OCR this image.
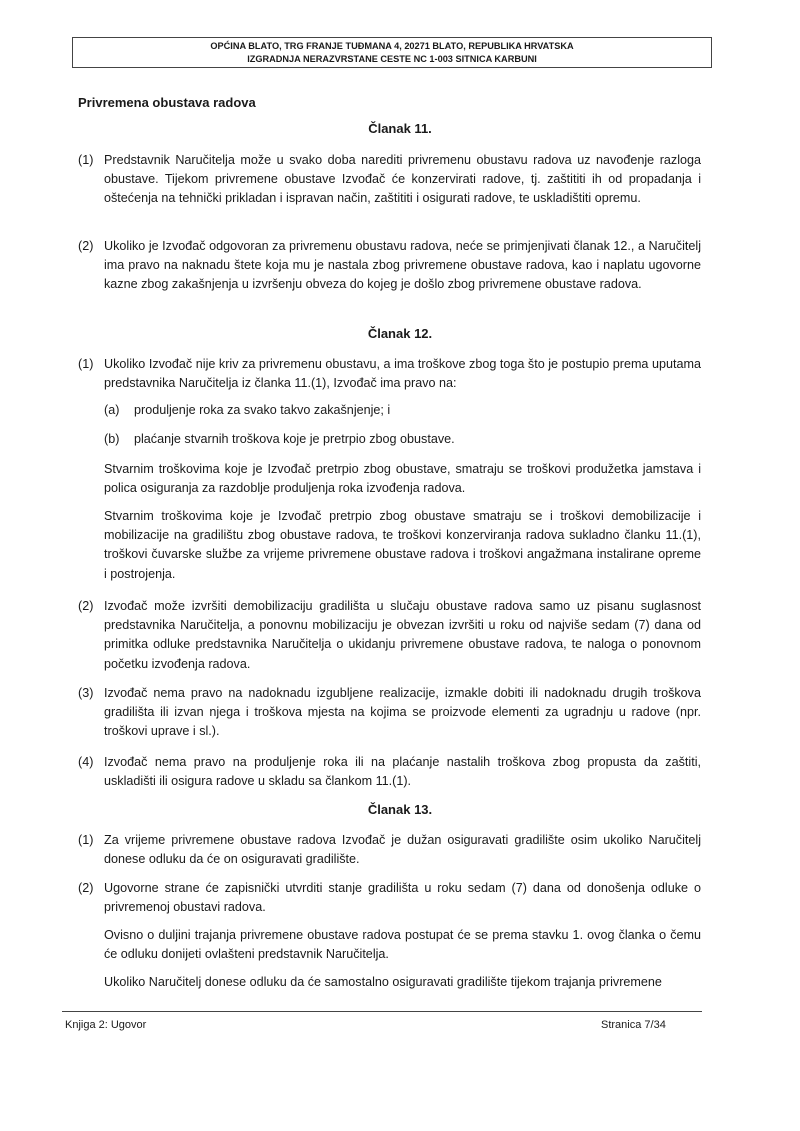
OPĆINA BLATO, TRG FRANJE TUĐMANA 4, 20271 BLATO, REPUBLIKA HRVATSKA
IZGRADNJA NERAZVRSTANE CESTE NC 1-003 SITNICA KARBUNI
Privremena obustava radova
Članak 11.
(1) Predstavnik Naručitelja može u svako doba narediti privremenu obustavu radova uz navođenje razloga obustave. Tijekom privremene obustave Izvođač će konzervirati radove, tj. zaštititi ih od propadanja i oštećenja na tehnički prikladan i ispravan način, zaštititi i osigurati radove, te uskladištiti opremu.

(2) Ukoliko je Izvođač odgovoran za privremenu obustavu radova, neće se primjenjivati članak 12., a Naručitelj ima pravo na naknadu štete koja mu je nastala zbog privremene obustave radova, kao i naplatu ugovorne kazne zbog zakašnjenja u izvršenju obveza do kojeg je došlo zbog privremene obustave radova.

Članak 12.
(1) Ukoliko Izvođač nije kriv za privremenu obustavu, a ima troškove zbog toga što je postupio prema uputama predstavnika Naručitelja iz članka 11.(1), Izvođač ima pravo na:

(a) produljenje roka za svako takvo zakašnjenje; i
(b) plaćanje stvarnih troškova koje je pretrpio zbog obustave.

Stvarnim troškovima koje je Izvođač pretrpio zbog obustave, smatraju se troškovi produžetka jamstava i polica osiguranja za razdoblje produljenja roka izvođenja radova.

Stvarnim troškovima koje je Izvođač pretrpio zbog obustave smatraju se i troškovi demobilizacije i mobilizacije na gradilištu zbog obustave radova, te troškovi konzerviranja radova sukladno članku 11.(1), troškovi čuvarske službe za vrijeme privremene obustave radova i troškovi angažmana instalirane opreme i postrojenja.

(2) Izvođač može izvršiti demobilizaciju gradilišta u slučaju obustave radova samo uz pisanu suglasnost predstavnika Naručitelja, a ponovnu mobilizaciju je obvezan izvršiti u roku od najviše sedam (7) dana od primitka odluke predstavnika Naručitelja o ukidanju privremene obustave radova, te naloga o ponovnom početku izvođenja radova.

(3) Izvođač nema pravo na nadoknadu izgubljene realizacije, izmakle dobiti ili nadoknadu drugih troškova gradilišta ili izvan njega i troškova mjesta na kojima se proizvode elementi za ugradnju u radove (npr. troškovi uprave i sl.).

(4) Izvođač nema pravo na produljenje roka ili na plaćanje nastalih troškova zbog propusta da zaštiti, uskladišti ili osigura radove u skladu sa člankom 11.(1).

Članak 13.
(1) Za vrijeme privremene obustave radova Izvođač je dužan osiguravati gradilište osim ukoliko Naručitelj donese odluku da će on osiguravati gradilište.

(2) Ugovorne strane će zapisnički utvrditi stanje gradilišta u roku sedam (7) dana od donošenja odluke o privremenoj obustavi radova.

Ovisno o duljini trajanja privremene obustave radova postupat će se prema stavku 1. ovog članka o čemu će odluku donijeti ovlašteni predstavnik Naručitelja.

Ukoliko Naručitelj donese odluku da će samostalno osiguravati gradilište tijekom trajanja privremene

Knjiga 2: Ugovor	Stranica 7/34
